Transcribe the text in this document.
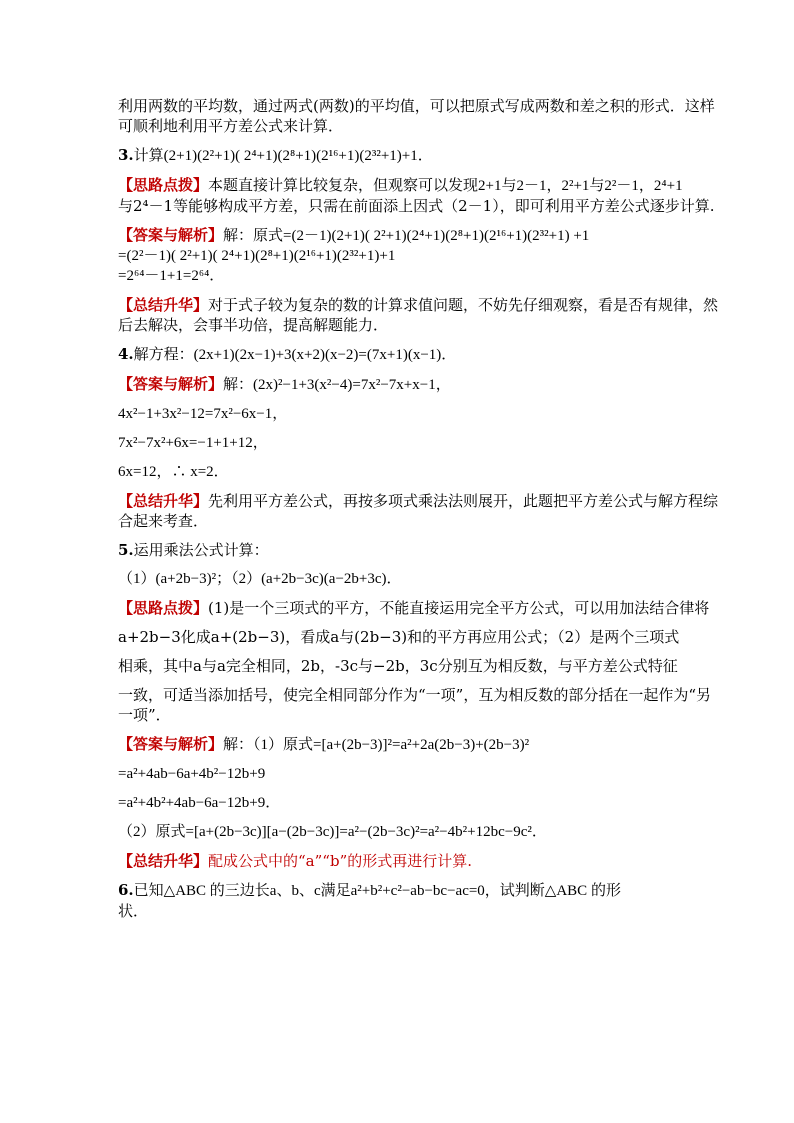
利用两数的平均数，通过两式(两数)的平均值，可以把原式写成两数和差之积的形式．这样

可顺利地利用平方差公式来计算．

3.计算(2+1)(2²+1)( 2⁴+1)(2⁸+1)(2¹⁶+1)(2³²+1)+1．

【思路点拨】本题直接计算比较复杂，但观察可以发现2+1与2－1，2²+1与2²－1，2⁴+1

与2⁴－1等能够构成平方差，只需在前面添上因式（2－1），即可利用平方差公式逐步计算.

【答案与解析】解：原式=(2－1)(2+1)( 2²+1)(2⁴+1)(2⁸+1)(2¹⁶+1)(2³²+1) +1

=(2²－1)( 2²+1)( 2⁴+1)(2⁸+1)(2¹⁶+1)(2³²+1)+1

=2⁶⁴－1+1=2⁶⁴．

【总结升华】对于式子较为复杂的数的计算求值问题，不妨先仔细观察，看是否有规律，然

后去解决，会事半功倍，提高解题能力．

4.解方程：(2x+1)(2x−1)+3(x+2)(x−2)=(7x+1)(x−1)．

【答案与解析】解：(2x)²−1+3(x²−4)=7x²−7x+x−1，

4x²−1+3x²−12=7x²−6x−1，

7x²−7x²+6x=−1+1+12，

6x=12，∴ x=2．

【总结升华】先利用平方差公式，再按多项式乘法法则展开，此题把平方差公式与解方程综

合起来考查．

5.运用乘法公式计算：

（1）(a+2b−3)²；（2）(a+2b−3c)(a−2b+3c)．

【思路点拨】(1)是一个三项式的平方，不能直接运用完全平方公式，可以用加法结合律将

a+2b−3化成a+(2b−3)，看成a与(2b−3)和的平方再应用公式；（2）是两个三项式

相乘，其中a与a完全相同，2b，-3c与−2b，3c分别互为相反数，与平方差公式特征

一致，可适当添加括号，使完全相同部分作为“一项”，互为相反数的部分括在一起作为“另

一项”．

【答案与解析】解：（1）原式=[a+(2b−3)]²=a²+2a(2b−3)+(2b−3)²

=a²+4ab−6a+4b²−12b+9

=a²+4b²+4ab−6a−12b+9．

（2）原式=[a+(2b−3c)][a−(2b−3c)]=a²−(2b−3c)²=a²−4b²+12bc−9c²．

【总结升华】配成公式中的“a”“b”的形式再进行计算.

6.已知△ABC 的三边长a、b、c满足a²+b²+c²−ab−bc−ac=0，试判断△ABC 的形

状．
